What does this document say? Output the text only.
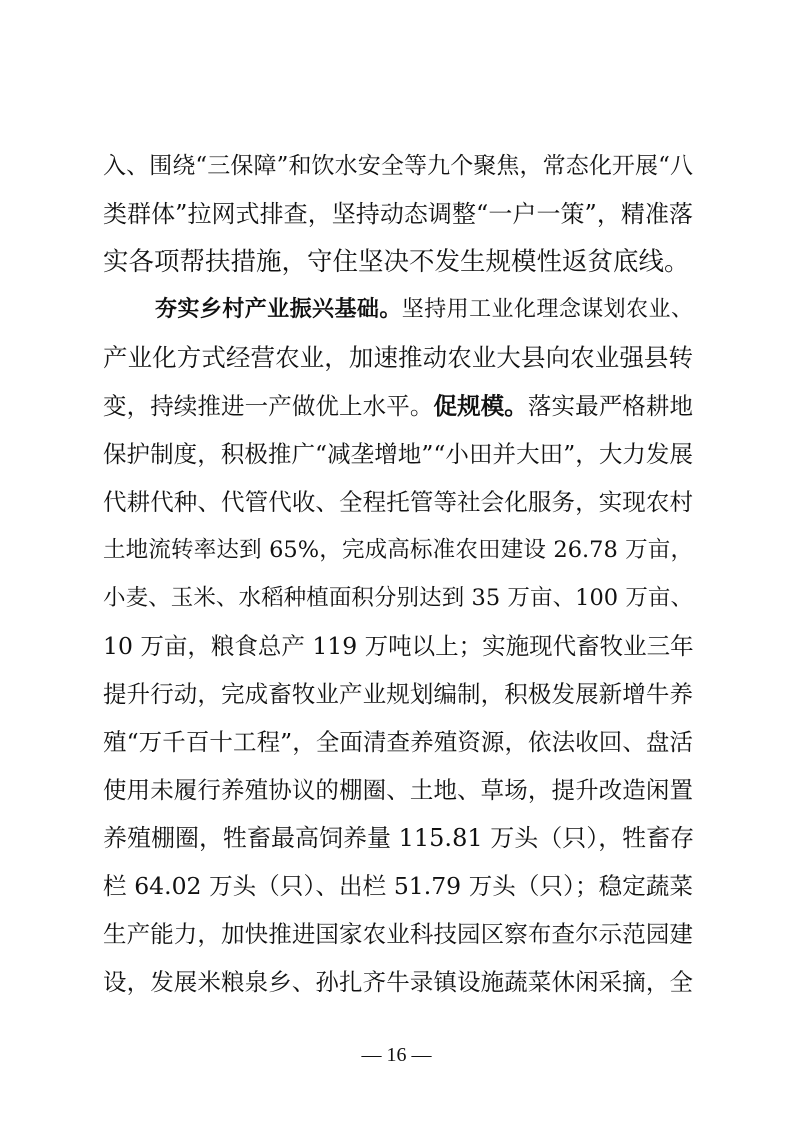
入、围绕“三保障”和饮水安全等九个聚焦，常态化开展“八
类群体”拉网式排查，坚持动态调整“一户一策”，精准落
实各项帮扶措施，守住坚决不发生规模性返贫底线。
夯实乡村产业振兴基础。坚持用工业化理念谋划农业、
产业化方式经营农业，加速推动农业大县向农业强县转
变，持续推进一产做优上水平。促规模。落实最严格耕地
保护制度，积极推广“减垄增地”“小田并大田”，大力发展
代耕代种、代管代收、全程托管等社会化服务，实现农村
土地流转率达到 65%，完成高标准农田建设 26.78 万亩，
小麦、玉米、水稻种植面积分别达到 35 万亩、100 万亩、
10 万亩，粮食总产 119 万吨以上；实施现代畜牧业三年
提升行动，完成畜牧业产业规划编制，积极发展新增牛养
殖“万千百十工程”，全面清查养殖资源，依法收回、盘活
使用未履行养殖协议的棚圈、土地、草场，提升改造闲置
养殖棚圈，牲畜最高饲养量 115.81 万头（只），牲畜存
栏 64.02 万头（只）、出栏 51.79 万头（只）；稳定蔬菜
生产能力，加快推进国家农业科技园区察布查尔示范园建
设，发展米粮泉乡、孙扎齐牛录镇设施蔬菜休闲采摘，全
— 16 —
